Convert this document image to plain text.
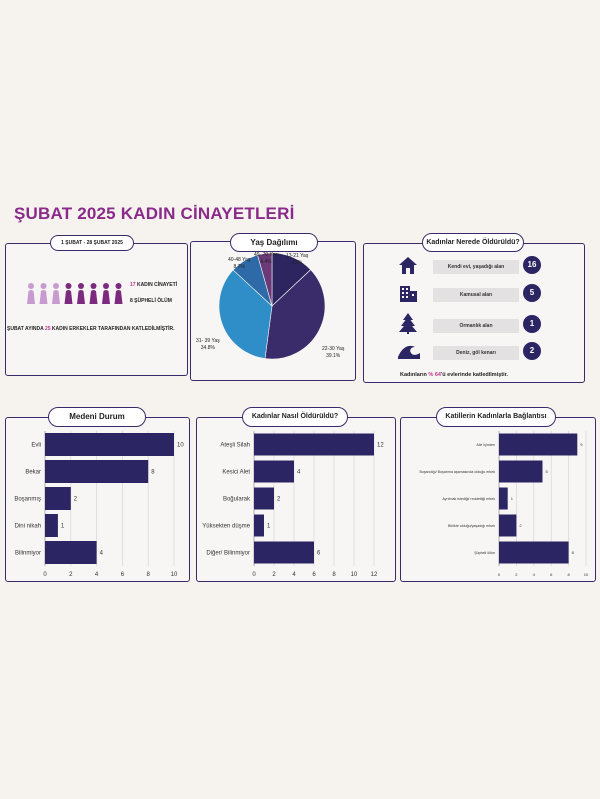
ŞUBAT 2025 KADIN CİNAYETLERİ
1 ŞUBAT - 28 ŞUBAT 2025
17 KADIN CİNAYETİ
8 ŞÜPHELİ ÖLÜM
ŞUBAT AYINDA 25 KADIN ERKEKLER TARAFINDAN KATLEDİLMİŞTİR.
Yaş Dağılımı
13-21 Yaş
13%
22-30 Yaş
39.1%
31- 39 Yaş
34.8%
40-48 Yaş
8.7%
49- 70 Yaş
4.4%
Kadınlar Nerede Öldürüldü?
Kendi evi, yaşadığı alan	16
Kamusal alan	5
Ormanlık alan	1
Deniz, göl kenarı	2
Kadınların % 64'ü evlerinde katledilmiştir.
Medeni Durum
0	2	4	6	8	10
Evli	10
Bekar	8
Boşanmış	2
Dini nikah	1
Bilinmiyor	4
Kadınlar Nasıl Öldürüldü?
0	2	4	6	8 10 12
Ateşli Silah	12
Kesici Alet	4
Boğularak	2
Yüksekten düşme	1
Diğer/ Bilinmiyor	6
Katillerin Kadınlarla Bağlantısı
0	2	4	6	8	10
Aile İçinden	9
Boşandığı/ Boşanma aşamasında olduğu erkek	5
Ayrılmak istediği/ reddettiği erkek	1
Birlikte olduğu/yaşadığı erkek	2
Şüpheli ölüm	8
